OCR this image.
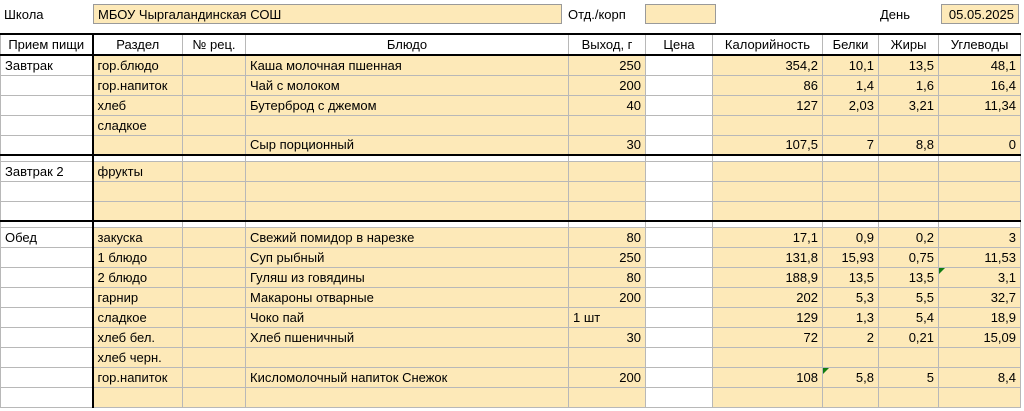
Школа	МБОУ Чыргаландинская СОШ	Отд./корп	День	05.05.2025
Прием пищи	Раздел	№ рец.	Блюдо	Выход, г	Цена	Калорийность	Белки	Жиры	Углеводы
Завтрак	гор.блюдо		Каша молочная пшенная	250		354,2	10,1	13,5	48,1
	гор.напиток		Чай с молоком	200		86	1,4	1,6	16,4
	хлеб		Бутерброд с джемом	40		127	2,03	3,21	11,34
	сладкое								
			Сыр порционный	30		107,5	7	8,8	0

Завтрак 2	фрукты								

Обед	закуска		Свежий помидор в нарезке	80		17,1	0,9	0,2	3
	1 блюдо		Суп рыбный	250		131,8	15,93	0,75	11,53
	2 блюдо		Гуляш из говядины	80		188,9	13,5	13,5	3,1
	гарнир		Макароны отварные	200		202	5,3	5,5	32,7
	сладкое		Чоко пай	1 шт		129	1,3	5,4	18,9
	хлеб бел.		Хлеб пшеничный	30		72	2	0,21	15,09
	хлеб черн.								
	гор.напиток		Кисломолочный напиток Снежок	200		108	5,8	5	8,4
